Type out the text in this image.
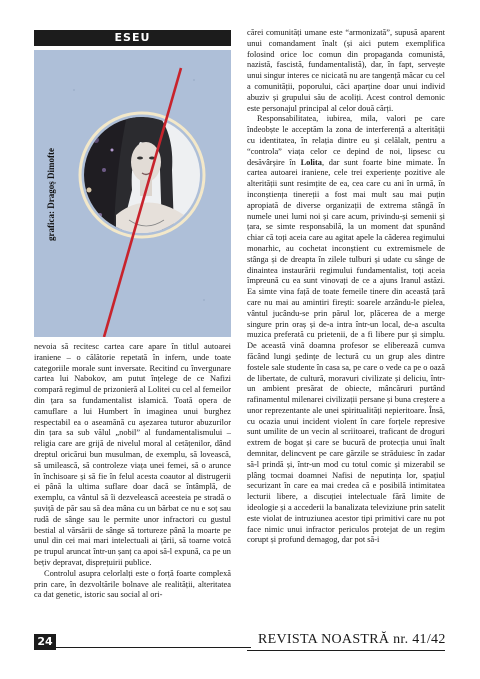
ESEU
grafica: Dragoș Dimofte

nevoia să recitesc cartea care apare în titlul autoarei iraniene – o călătorie repetată în infern, unde toate categoriile morale sunt inversate. Recitind cu învergunare cartea lui Nabokov, am putut înțelege de ce Nafizi compară regimul de prizonieră al Lolitei cu cel al femeilor din țara sa fundamentalist islamică. Toată opera de camuflare a lui Humbert în imaginea unui burghez respectabil ea o aseamănă cu așezarea tuturor abuzurilor din țara sa sub vălul „nobil” al fundamentalismului – religia care are grijă de nivelul moral al cetățenilor, dând dreptul oricărui bun musulman, de exemplu, să lovească, să umilească, să controleze viața unei femei, să o arunce în închisoare și să fie în felul acesta coautor al distrugerii ei până la ultima suflare doar dacă se întâmplă, de exemplu, ca vântul să îi dezvelească aceesteia pe stradă o șuviță de păr sau să dea mâna cu un bărbat ce nu e soț sau rudă de sânge sau le permite unor infractori cu gustul bestial al vărsării de sânge să tortureze până la moarte pe unul din cei mai mari intelectuali ai țării, să toarne votcă pe trupul aruncat într-un șanț ca apoi să-l expună, ca pe un bețiv depravat, disprețuirii publice.

Controlul asupra celorlalți este o forță foarte complexă prin care, în dezvoltările bolnave ale realității, alteritatea ca dat genetic, istoric sau social al ori-

cărei comunități umane este “armonizată”, supusă aparent unui comandament înalt (și aici putem exemplifica folosind orice loc comun din propaganda comunistă, nazistă, fascistă, fundamentalistă), dar, în fapt, servește unui singur interes ce nicicată nu are tangență măcar cu cel a comunității, poporului, căci aparține doar unui individ abuziv și grupului său de acoliți. Acest control demonic este personajul principal al celor două cărți.

Responsabilitatea, iubirea, mila, valori pe care îndeobște le acceptăm la zona de interferență a alterității cu identitatea, în relația dintre eu și celălalt, pentru a “controla” viața celor ce depind de noi, lipsesc cu desăvârșire în Lolita, dar sunt foarte bine mimate. În cartea autoarei iraniene, cele trei experiențe pozitive ale alterității sunt resimțite de ea, cea care cu ani în urmă, în inconștiența tinereții a fost mai mult sau mai puțin apropiată de diverse organizații de extrema stângă în numele unei lumi noi și care acum, privindu-și semenii și țara, se simte responsabilă, la un moment dat spunând chiar că toți aceia care au agitat apele la căderea regimului monarhic, au cochetat inconștient cu extremismele de stânga și de dreapta în zilele tulburi și udate cu sânge de dinaintea instaurării regimului fundamentalist, toți aceia împreună cu ea sunt vinovați de ce a ajuns Iranul astăzi. Ea simte vina față de toate femeile tinere din această țară care nu mai au amintiri firești: soarele arzându-le pielea, vântul jucându-se prin părul lor, plăcerea de a merge singure prin oraș și de-a intra într-un local, de-a asculta muzica preferată cu prietenii, de a fi libere pur și simplu. De această vină doamna profesor se eliberează cumva făcând lungi ședințe de lectură cu un grup ales dintre fostele sale studente în casa sa, pe care o vede ca pe o oază de libertate, de cultură, moravuri civilizate și deliciu, într-un ambient presărat de obiecte, mâncăruri purtând rafinamentul milenarei civilizații persane și buna creștere a unor reprezentante ale unei spiritualități nepieritoare. Însă, cu ocazia unui incident violent în care forțele represive sunt umilite de un vecin al scriitoarei, traficant de droguri extrem de bogat și care se bucură de protecția unui înalt demnitar, delincvent pe care gărzile se străduiesc în zadar să-l prindă și, într-un mod cu totul comic și mizerabil se plâng tocmai doamnei Nafisi de neputința lor, spațiul securizant în care ea mai credea că e posibilă intimitatea lecturii libere, a discuției intelectuale fără limite de ideologie și a accederii la banalizata televiziune prin satelit este violat de intruziunea acestor tipi primitivi care nu pot face nimic unui infractor periculos protejat de un regim corupt și profund demagog, dar pot să-i

24	REVISTA NOASTRĂ nr. 41/42
